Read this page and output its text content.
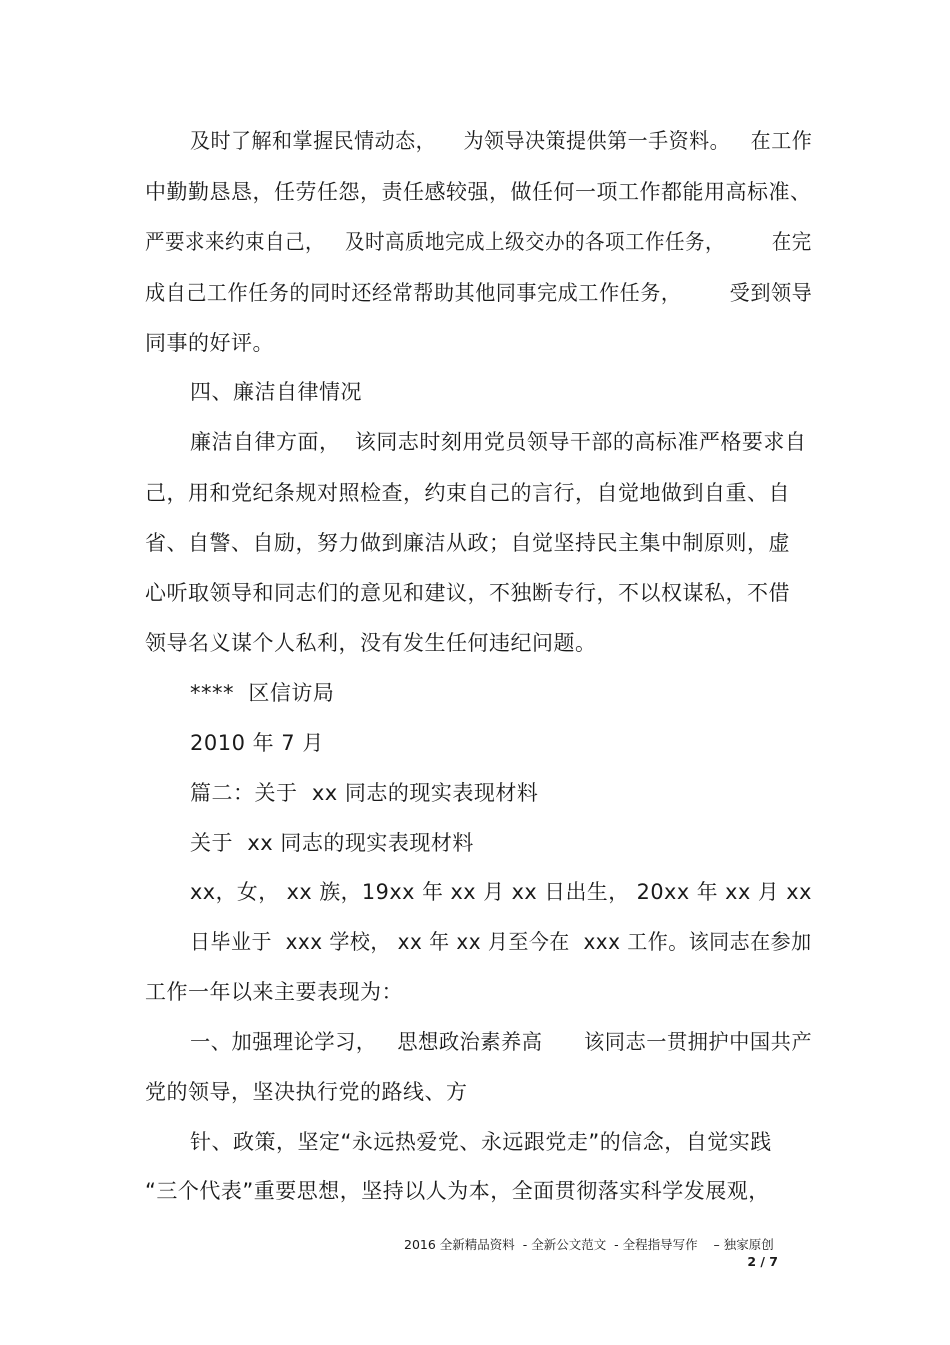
及时了解和掌握民情动态，    为领导决策提供第一手资料。   在工作
中勤勤恳恳，任劳任怨，责任感较强，做任何一项工作都能用高标准、
严要求来约束自己，   及时高质地完成上级交办的各项工作任务，       在完
成自己工作任务的同时还经常帮助其他同事完成工作任务，       受到领导
同事的好评。
四、廉洁自律情况
廉洁自律方面，  该同志时刻用党员领导干部的高标准严格要求自
己，用和党纪条规对照检查，约束自己的言行，自觉地做到自重、自
省、自警、自励，努力做到廉洁从政；自觉坚持民主集中制原则，虚
心听取领导和同志们的意见和建议，不独断专行，不以权谋私，不借
领导名义谋个人私利，没有发生任何违纪问题。
****  区信访局
2010 年 7 月
篇二：关于  xx 同志的现实表现材料
关于  xx 同志的现实表现材料
xx，女， xx 族，19xx 年 xx 月 xx 日出生， 20xx 年 xx 月 xx
日毕业于  xxx 学校， xx 年 xx 月至今在  xxx 工作。该同志在参加
工作一年以来主要表现为：
一、加强理论学习，   思想政治素养高      该同志一贯拥护中国共产
党的领导，坚决执行党的路线、方
针、政策，坚定“永远热爱党、永远跟党走”的信念，自觉实践
“三个代表”重要思想，坚持以人为本，全面贯彻落实科学发展观，
2016 全新精品资料  - 全新公文范文  - 全程指导写作    – 独家原创
2 / 7
